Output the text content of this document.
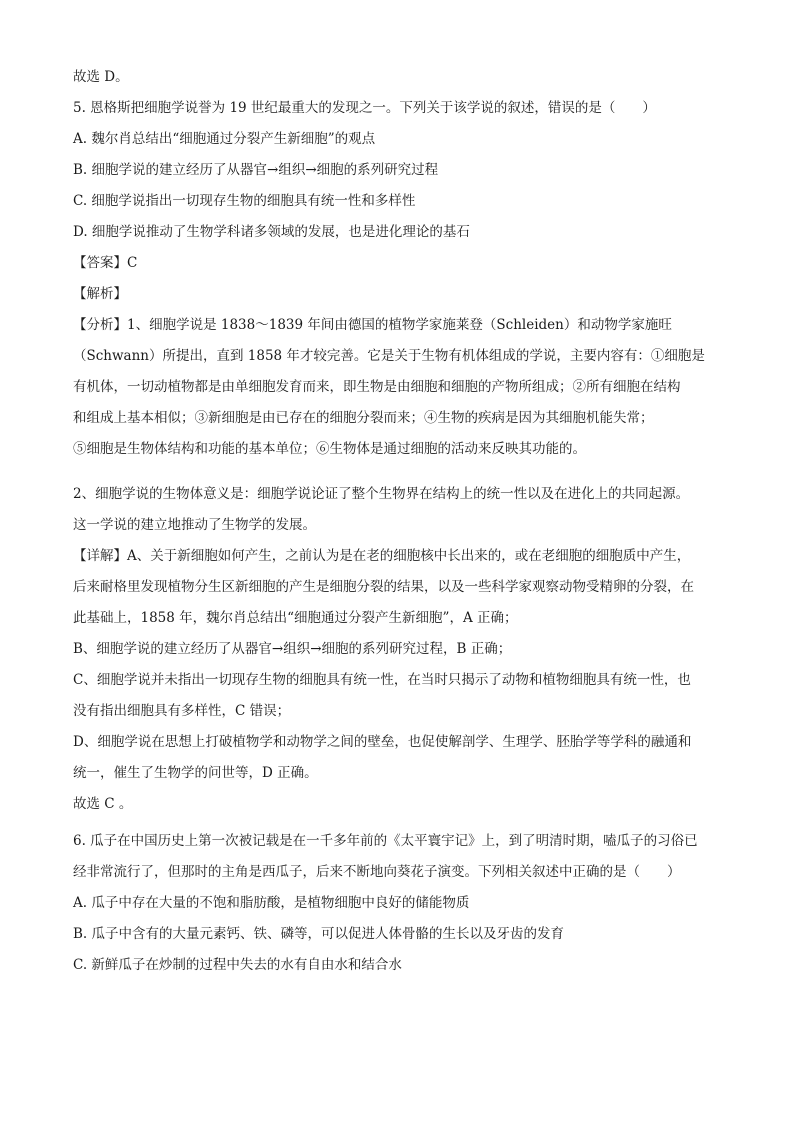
故选 D。
5. 恩格斯把细胞学说誉为 19 世纪最重大的发现之一。下列关于该学说的叙述，错误的是（　　）
A. 魏尔肖总结出“细胞通过分裂产生新细胞”的观点
B. 细胞学说的建立经历了从器官→组织→细胞的系列研究过程
C. 细胞学说指出一切现存生物的细胞具有统一性和多样性
D. 细胞学说推动了生物学科诸多领域的发展，也是进化理论的基石
【答案】C
【解析】
【分析】1、细胞学说是 1838～1839 年间由德国的植物学家施莱登（Schleiden）和动物学家施旺
（Schwann）所提出，直到 1858 年才较完善。它是关于生物有机体组成的学说，主要内容有：①细胞是
有机体，一切动植物都是由单细胞发育而来，即生物是由细胞和细胞的产物所组成；②所有细胞在结构
和组成上基本相似；③新细胞是由已存在的细胞分裂而来；④生物的疾病是因为其细胞机能失常；
⑤细胞是生物体结构和功能的基本单位；⑥生物体是通过细胞的活动来反映其功能的。
2、细胞学说的生物体意义是：细胞学说论证了整个生物界在结构上的统一性以及在进化上的共同起源。
这一学说的建立地推动了生物学的发展。
【详解】A、关于新细胞如何产生，之前认为是在老的细胞核中长出来的，或在老细胞的细胞质中产生，
后来耐格里发现植物分生区新细胞的产生是细胞分裂的结果，以及一些科学家观察动物受精卵的分裂，在
此基础上，1858 年，魏尔肖总结出“细胞通过分裂产生新细胞”，A 正确；
B、细胞学说的建立经历了从器官→组织→细胞的系列研究过程，B 正确；
C、细胞学说并未指出一切现存生物的细胞具有统一性，在当时只揭示了动物和植物细胞具有统一性，也
没有指出细胞具有多样性，C 错误；
D、细胞学说在思想上打破植物学和动物学之间的壁垒，也促使解剖学、生理学、胚胎学等学科的融通和
统一，催生了生物学的问世等，D 正确。
故选 C 。
6. 瓜子在中国历史上第一次被记载是在一千多年前的《太平寰宇记》上，到了明清时期，嗑瓜子的习俗已
经非常流行了，但那时的主角是西瓜子，后来不断地向葵花子演变。下列相关叙述中正确的是（　　）
A. 瓜子中存在大量的不饱和脂肪酸，是植物细胞中良好的储能物质
B. 瓜子中含有的大量元素钙、铁、磷等，可以促进人体骨骼的生长以及牙齿的发育
C. 新鲜瓜子在炒制的过程中失去的水有自由水和结合水
